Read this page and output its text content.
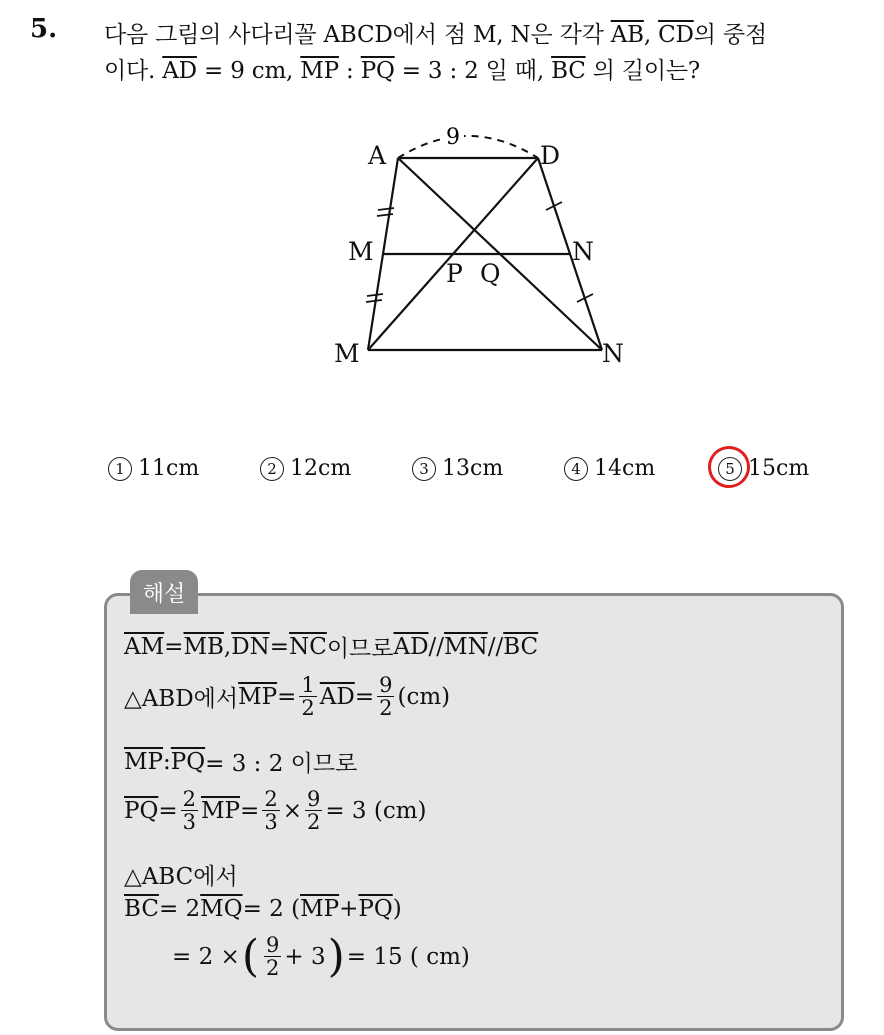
5. 다음 그림의 사다리꼴 ABCD에서 점 M, N은 각각 $\overline{AB}$, $\overline{CD}$의 중점
이다. $\overline{AD} = 9$ cm, $\overline{MP}$ : $\overline{PQ} = 3$ : 2 일 때, $\overline{BC}$ 의 길이는?
9
A	D
M	N
P Q
M	N
1 11cm	2 12cm	3 13cm	4 14cm	5 15cm
해설
$\overline{AM} = \overline{MB}$ , $\overline{DN} = \overline{NC}$ 이므로 $\overline{AD} // \overline{MN} // \overline{BC}$
△ABD에서 $\overline{MP} = \frac{1}{2} \overline{AD} = \frac{9}{2} (cm)$
$\overline{MP}$ : $\overline{PQ} = 3$ : 2 이므로
$\overline{PQ} = \frac{2}{3} \overline{MP} = \frac{2}{3} \times \frac{9}{2} = 3$ (cm)
△ABC에서
$\overline{BC} = 2$ $\overline{MQ} = 2$ ( $\overline{MP} + \overline{PQ}$ )
= 2 × ( $\frac{9}{2} + 3$ ) = 15 ( cm)
